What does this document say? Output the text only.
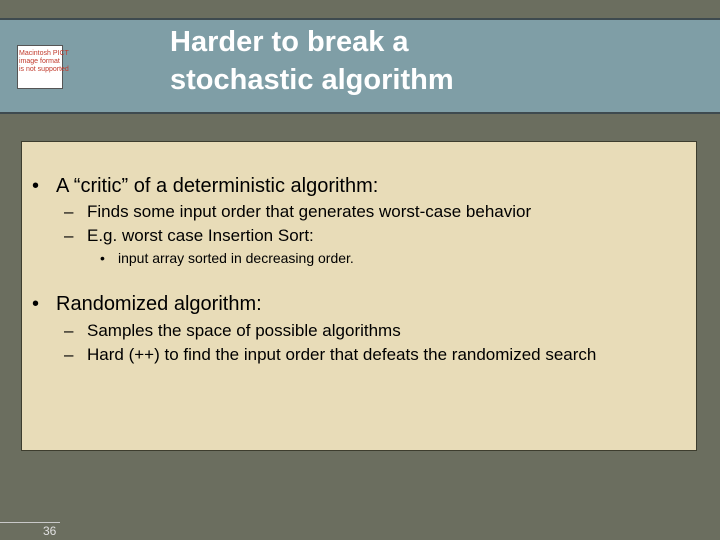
Macintosh PICT
image format
is not supported
Harder to break a
stochastic algorithm
• A “critic” of a deterministic algorithm:
– Finds some input order that generates worst-case behavior
– E.g. worst case Insertion Sort:
• input array sorted in decreasing order.
• Randomized algorithm:
– Samples the space of possible algorithms
– Hard (++) to find the input order that defeats the randomized search
36
